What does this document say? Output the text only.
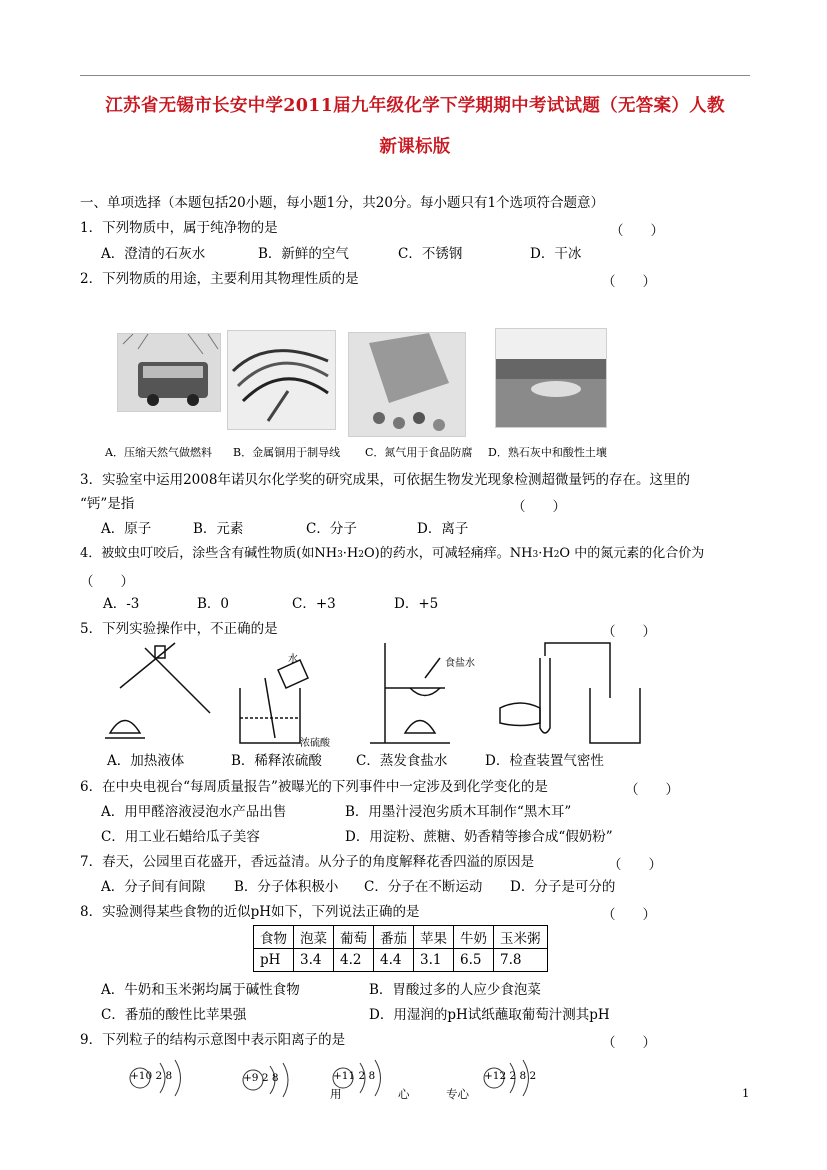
江苏省无锡市长安中学2011届九年级化学下学期期中考试试题（无答案）人教
新课标版
一、单项选择（本题包括20小题，每小题1分，共20分。每小题只有1个选项符合题意）
1．下列物质中，属于纯净物的是	（　　）
A．澄清的石灰水	B．新鲜的空气	C．不锈钢	D．干冰
2．下列物质的用途，主要利用其物理性质的是	（　　）
A．压缩天然气做燃料 B．金属铜用于制导线 C．氮气用于食品防腐 D．熟石灰中和酸性土壤
3．实验室中运用2008年诺贝尔化学奖的研究成果，可依据生物发光现象检测超微量钙的存在。这里的
“钙”是指	（　　）
A．原子	B．元素	C．分子	D．离子
4．被蚊虫叮咬后，涂些含有碱性物质(如NH3·H2O)的药水，可减轻痛痒。NH3·H2O 中的氮元素的化合价为
（　　）
A．-3	B．0	C．+3	D．+5
5．下列实验操作中，不正确的是	（　　）
水
浓硫酸
食盐水
A．加热液体	B．稀释浓硫酸	C．蒸发食盐水	D．检查装置气密性
6．在中央电视台“每周质量报告”被曝光的下列事件中一定涉及到化学变化的是	（　　）
A．用甲醛溶液浸泡水产品出售	B．用墨汁浸泡劣质木耳制作“黑木耳”
C．用工业石蜡给瓜子美容	D．用淀粉、蔗糖、奶香精等掺合成“假奶粉”
7．春天，公园里百花盛开，香远益清。从分子的角度解释花香四溢的原因是	（　　）
A．分子间有间隙 B．分子体积极小 C．分子在不断运动 D．分子是可分的
8．实验测得某些食物的近似pH如下，下列说法正确的是	（　　）
食物	泡菜	葡萄	番茄	苹果	牛奶	玉米粥
pH	3.4	4.2	4.4	3.1	6.5	7.8
A．牛奶和玉米粥均属于碱性食物	B．胃酸过多的人应少食泡菜
C．番茄的酸性比苹果强	D．用湿润的pH试纸蘸取葡萄汁测其pH
9．下列粒子的结构示意图中表示阳离子的是	（　　）
+10 2 8	+9 2 8	+11 2 8	+12 2 8 2
用	心	专心	1
